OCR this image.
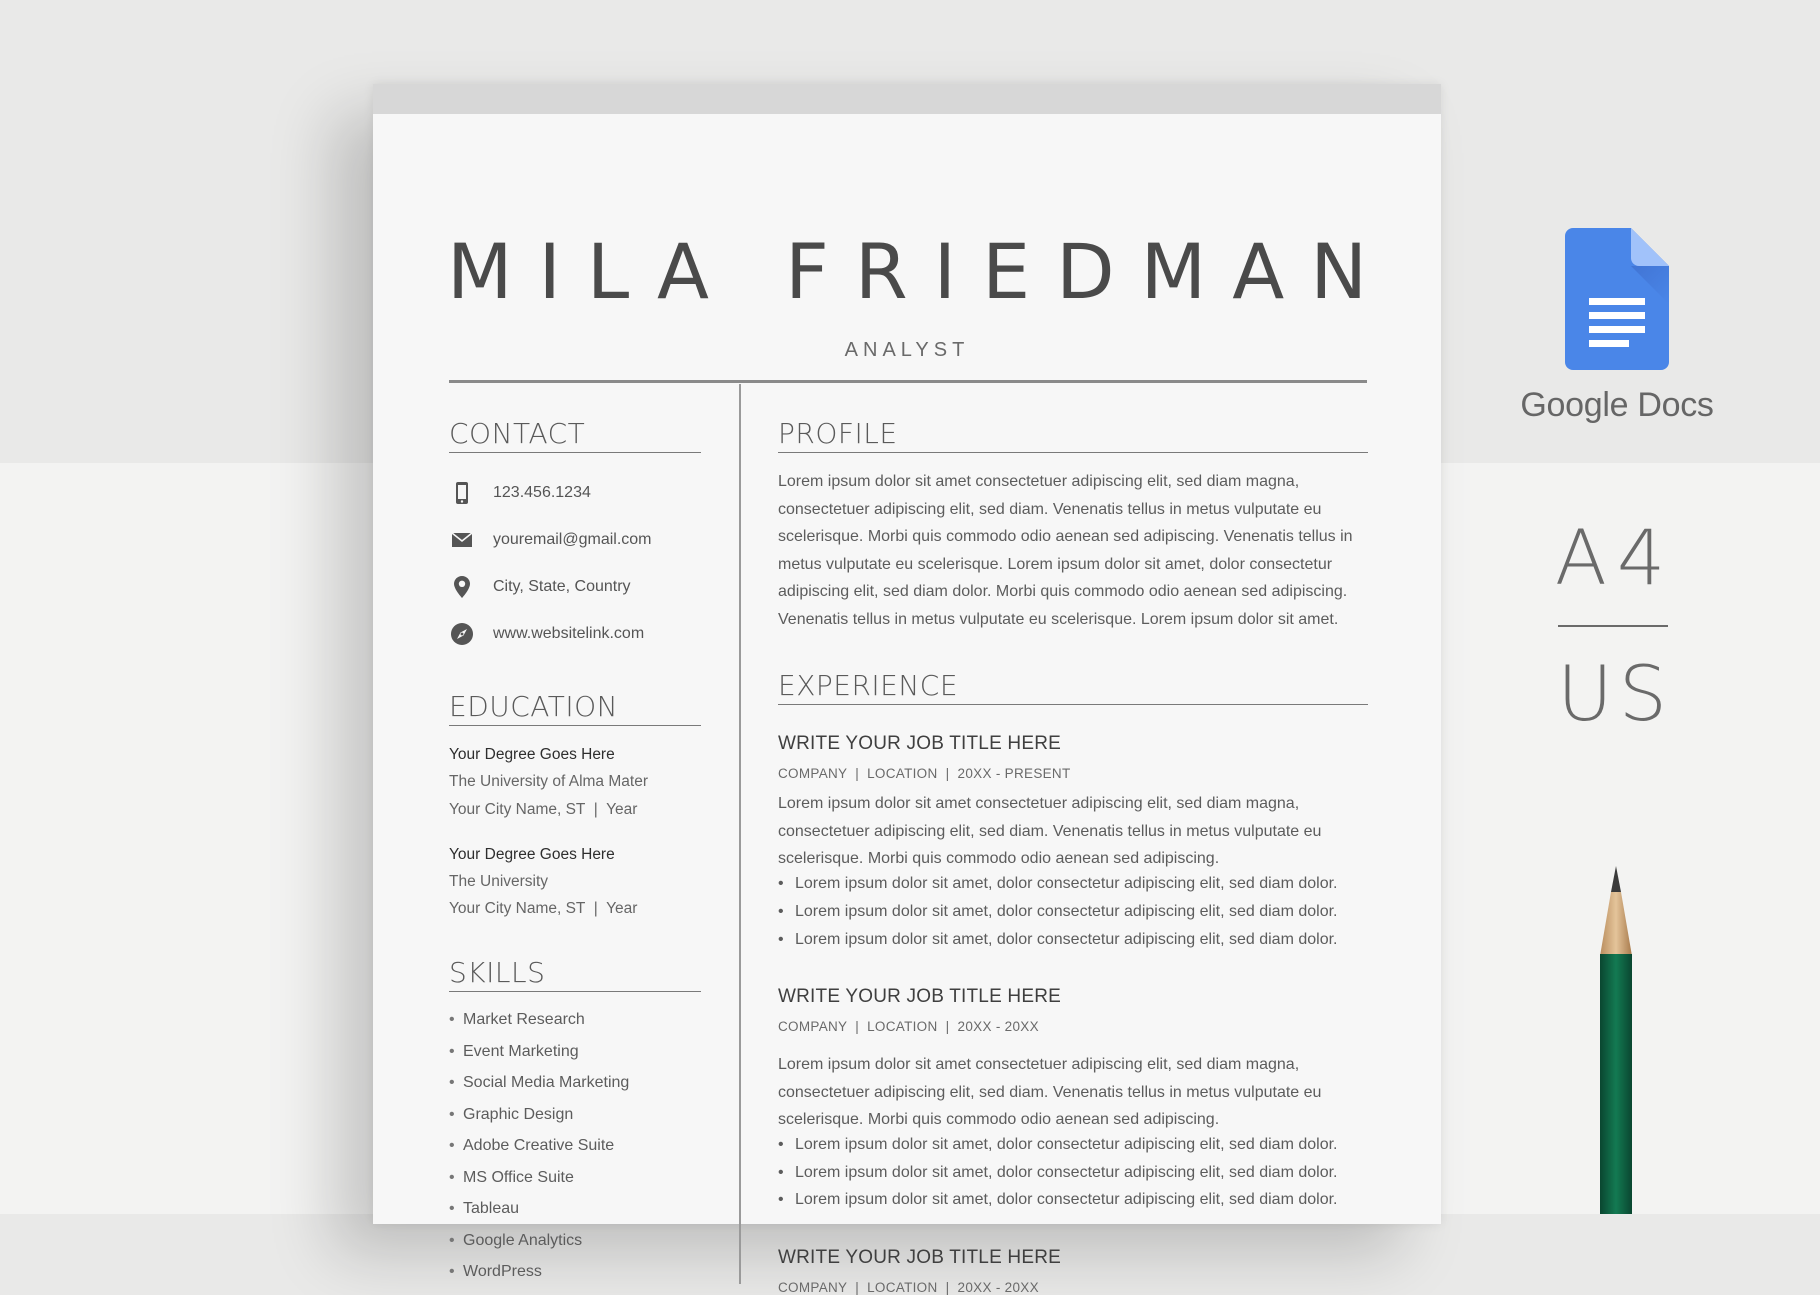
MILA FRIEDMAN
ANALYST
CONTACT
123.456.1234
youremail@gmail.com
City, State, Country
www.websitelink.com
EDUCATION
Your Degree Goes Here
The University of Alma Mater
Your City Name, ST  |  Year
Your Degree Goes Here
The University
Your City Name, ST  |  Year
SKILLS
• Market Research
• Event Marketing
• Social Media Marketing
• Graphic Design
• Adobe Creative Suite
• MS Office Suite
• Tableau
• Google Analytics
• WordPress
PROFILE
Lorem ipsum dolor sit amet consectetuer adipiscing elit, sed diam magna, consectetuer adipiscing elit, sed diam. Venenatis tellus in metus vulputate eu scelerisque. Morbi quis commodo odio aenean sed adipiscing. Venenatis tellus in metus vulputate eu scelerisque. Lorem ipsum dolor sit amet, dolor consectetur adipiscing elit, sed diam dolor. Morbi quis commodo odio aenean sed adipiscing. Venenatis tellus in metus vulputate eu scelerisque. Lorem ipsum dolor sit amet.
EXPERIENCE
WRITE YOUR JOB TITLE HERE
COMPANY  |  LOCATION  |  20XX - PRESENT
Lorem ipsum dolor sit amet consectetuer adipiscing elit, sed diam magna, consectetuer adipiscing elit, sed diam. Venenatis tellus in metus vulputate eu scelerisque. Morbi quis commodo odio aenean sed adipiscing.
• Lorem ipsum dolor sit amet, dolor consectetur adipiscing elit, sed diam dolor.
• Lorem ipsum dolor sit amet, dolor consectetur adipiscing elit, sed diam dolor.
• Lorem ipsum dolor sit amet, dolor consectetur adipiscing elit, sed diam dolor.
WRITE YOUR JOB TITLE HERE
COMPANY  |  LOCATION  |  20XX - 20XX
Lorem ipsum dolor sit amet consectetuer adipiscing elit, sed diam magna, consectetuer adipiscing elit, sed diam. Venenatis tellus in metus vulputate eu scelerisque. Morbi quis commodo odio aenean sed adipiscing.
• Lorem ipsum dolor sit amet, dolor consectetur adipiscing elit, sed diam dolor.
• Lorem ipsum dolor sit amet, dolor consectetur adipiscing elit, sed diam dolor.
• Lorem ipsum dolor sit amet, dolor consectetur adipiscing elit, sed diam dolor.
WRITE YOUR JOB TITLE HERE
COMPANY  |  LOCATION  |  20XX - 20XX
Google Docs
A4
US
